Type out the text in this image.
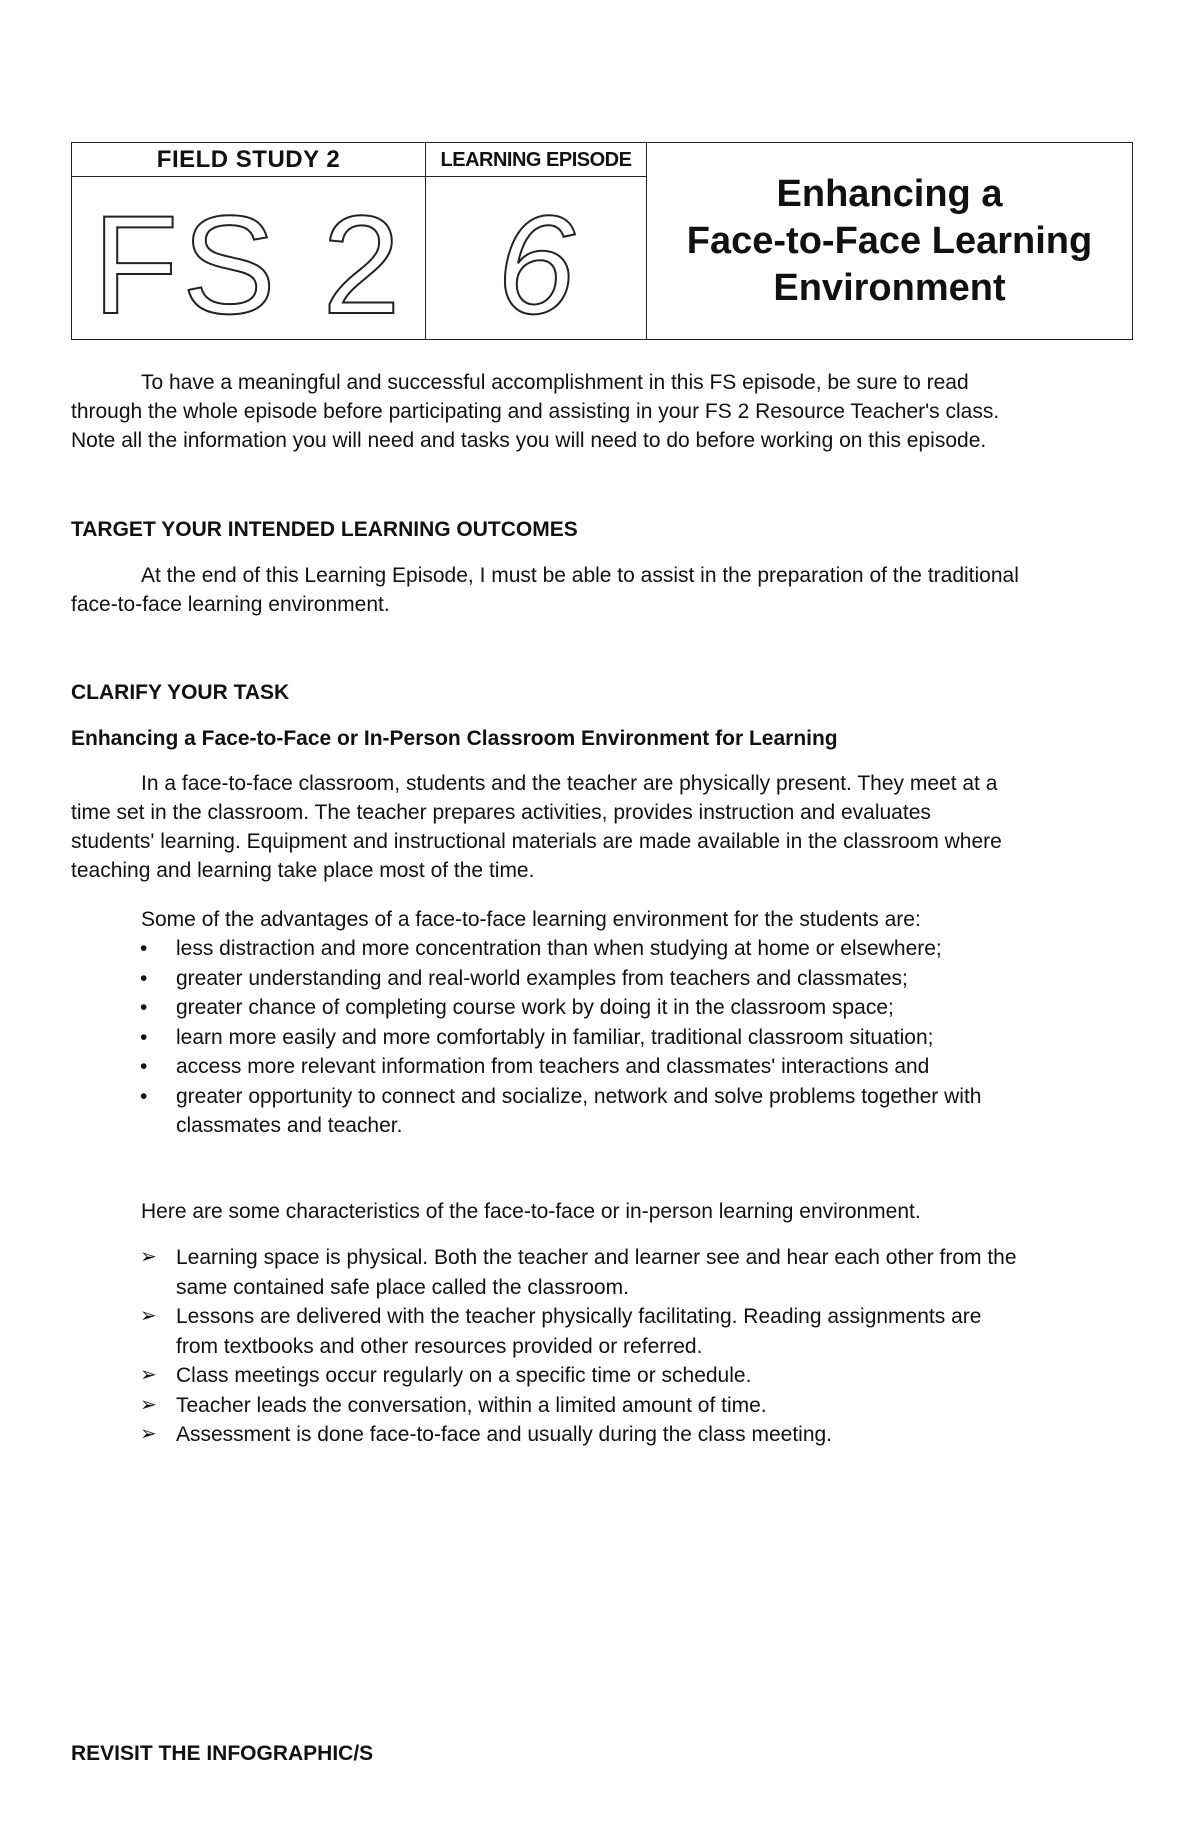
FIELD STUDY 2
FS 2
LEARNING EPISODE
6	Enhancing a
Face-to-Face Learning
Environment
To have a meaningful and successful accomplishment in this FS episode, be sure to read
through the whole episode before participating and assisting in your FS 2 Resource Teacher's class.
Note all the information you will need and tasks you will need to do before working on this episode.
TARGET YOUR INTENDED LEARNING OUTCOMES
At the end of this Learning Episode, I must be able to assist in the preparation of the traditional
face-to-face learning environment.
CLARIFY YOUR TASK
Enhancing a Face-to-Face or In-Person Classroom Environment for Learning
In a face-to-face classroom, students and the teacher are physically present. They meet at a
time set in the classroom. The teacher prepares activities, provides instruction and evaluates
students' learning. Equipment and instructional materials are made available in the classroom where
teaching and learning take place most of the time.
Some of the advantages of a face-to-face learning environment for the students are:
• less distraction and more concentration than when studying at home or elsewhere;
• greater understanding and real-world examples from teachers and classmates;
• greater chance of completing course work by doing it in the classroom space;
• learn more easily and more comfortably in familiar, traditional classroom situation;
• access more relevant information from teachers and classmates' interactions and
• greater opportunity to connect and socialize, network and solve problems together with
classmates and teacher.
Here are some characteristics of the face-to-face or in-person learning environment.
➢ Learning space is physical. Both the teacher and learner see and hear each other from the
same contained safe place called the classroom.
➢ Lessons are delivered with the teacher physically facilitating. Reading assignments are
from textbooks and other resources provided or referred.
➢ Class meetings occur regularly on a specific time or schedule.
➢ Teacher leads the conversation, within a limited amount of time.
➢ Assessment is done face-to-face and usually during the class meeting.
REVISIT THE INFOGRAPHIC/S
